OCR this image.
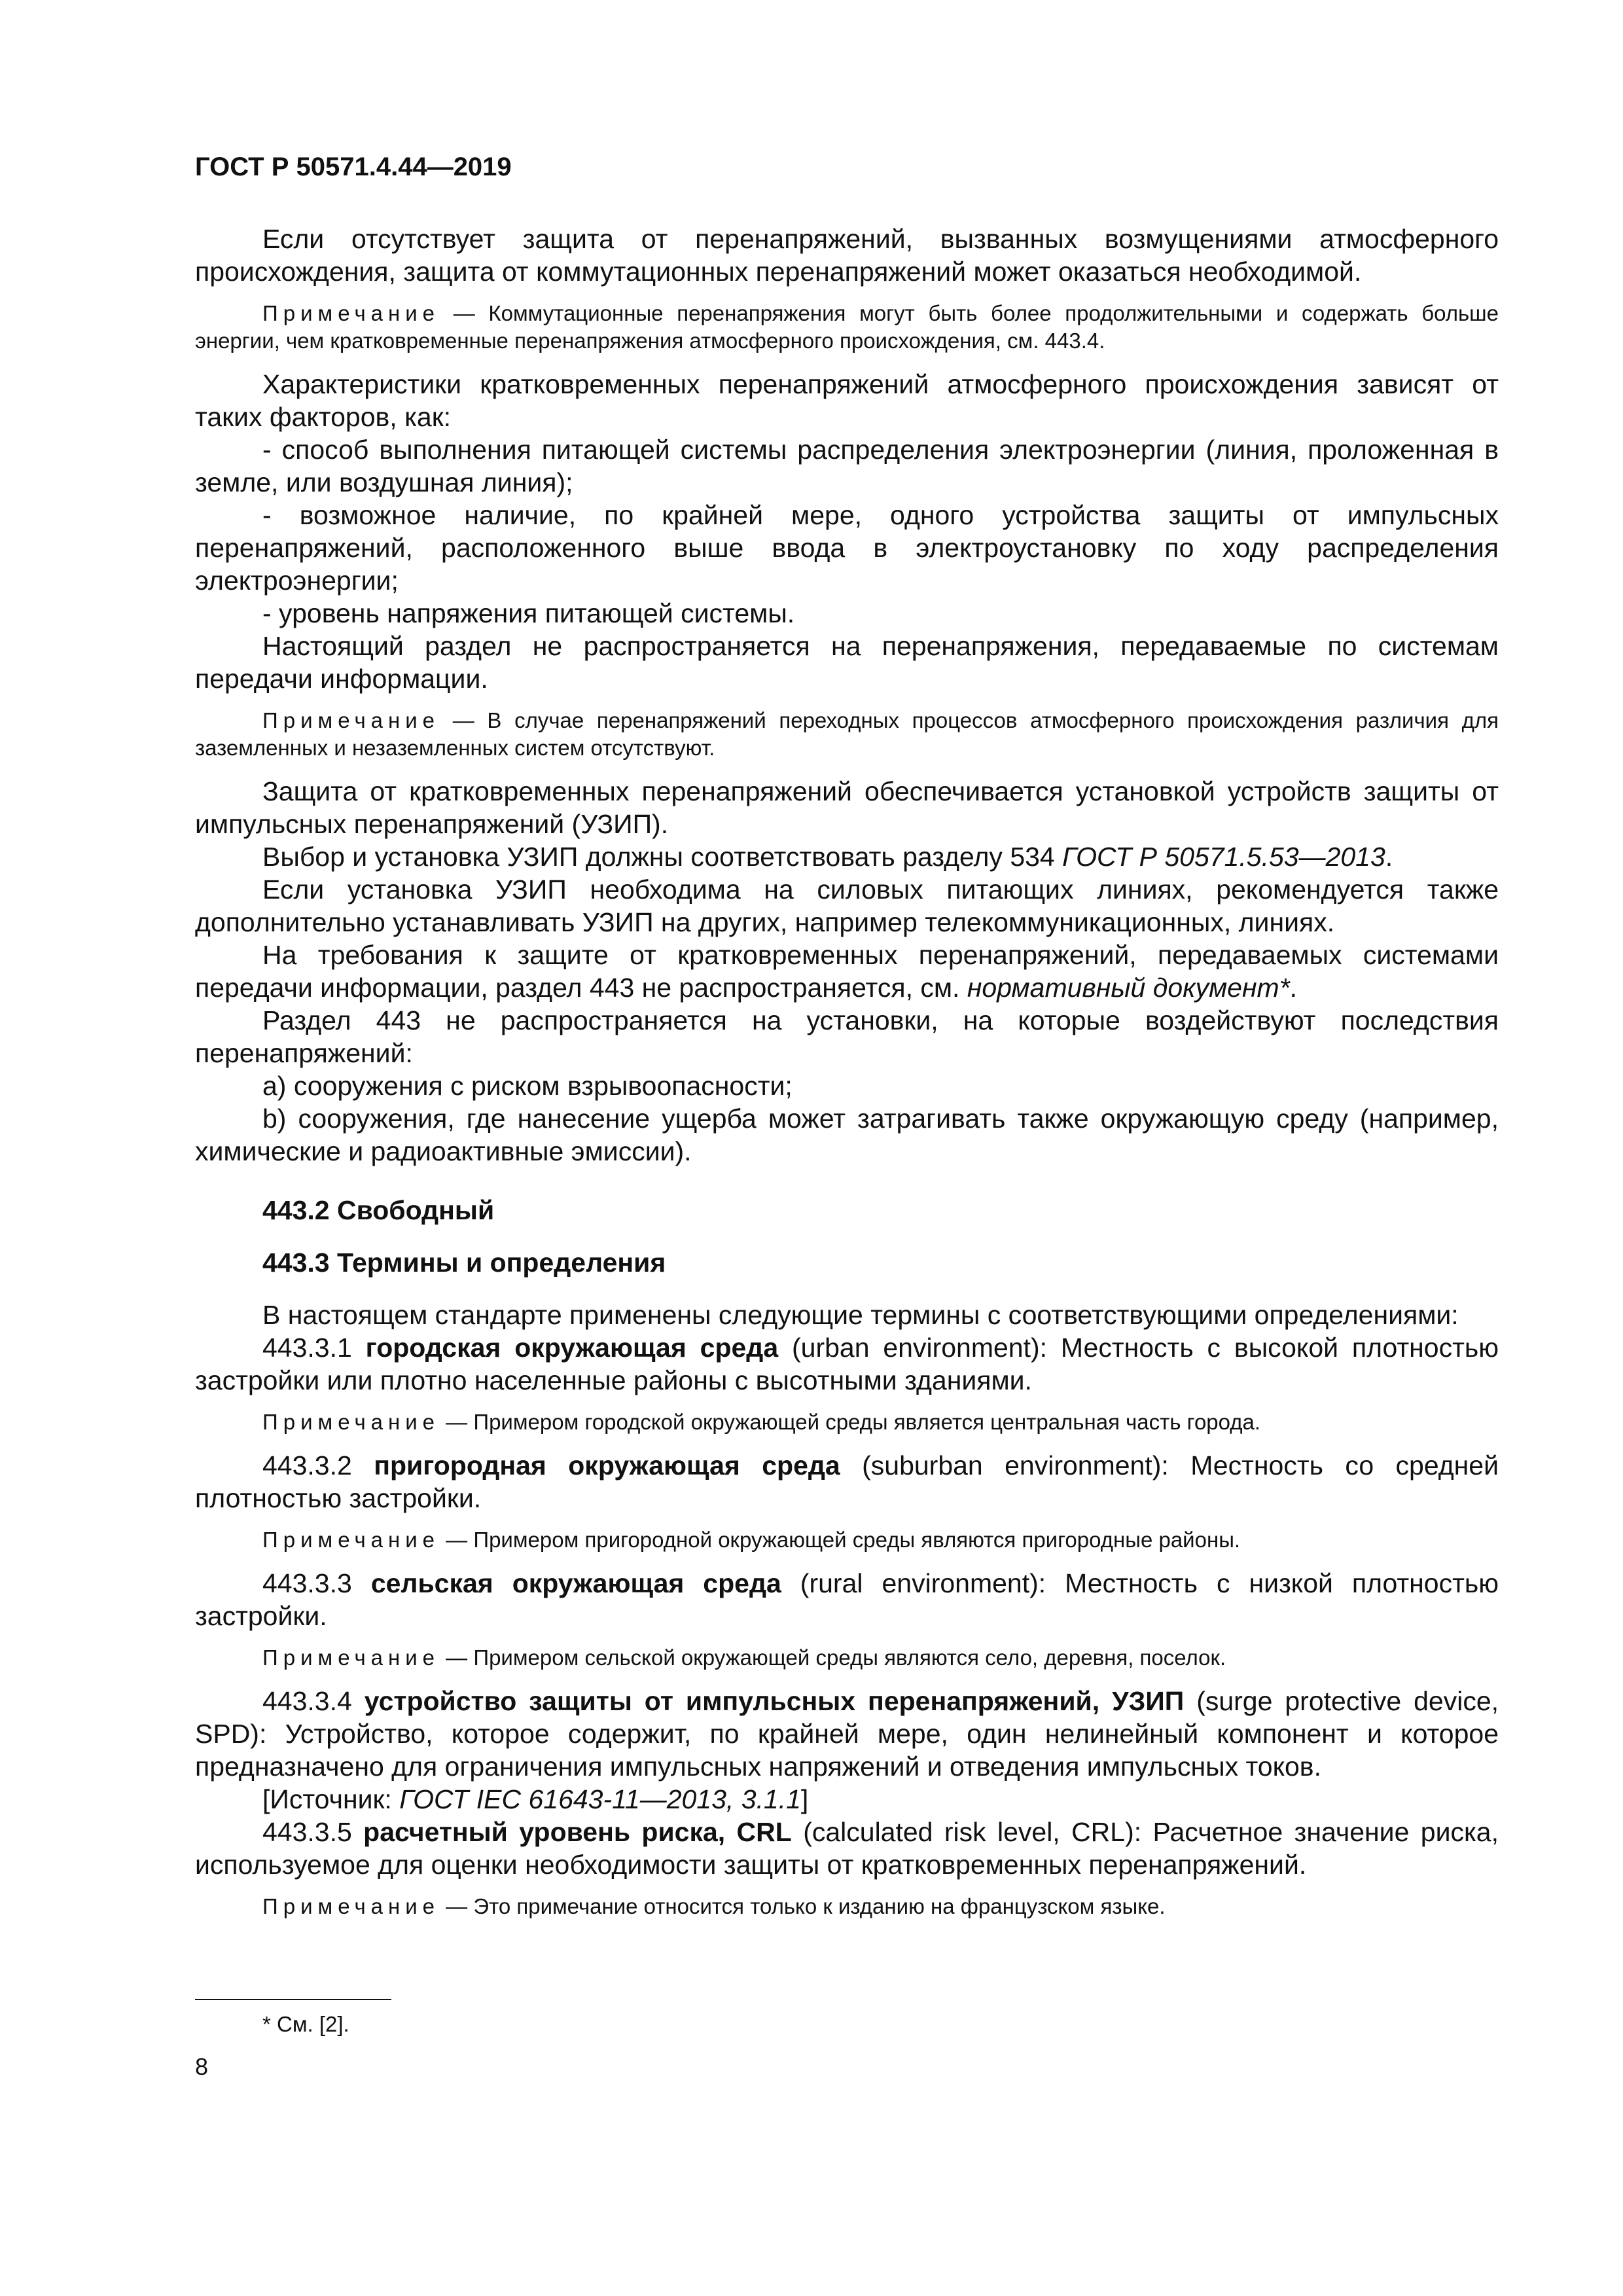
ГОСТ Р 50571.4.44—2019

Если отсутствует защита от перенапряжений, вызванных возмущениями атмосферного происхождения, защита от коммутационных перенапряжений может оказаться необходимой.

Примечание — Коммутационные перенапряжения могут быть более продолжительными и содержать больше энергии, чем кратковременные перенапряжения атмосферного происхождения, см. 443.4.

Характеристики кратковременных перенапряжений атмосферного происхождения зависят от таких факторов, как:

- способ выполнения питающей системы распределения электроэнергии (линия, проложенная в земле, или воздушная линия);

- возможное наличие, по крайней мере, одного устройства защиты от импульсных перенапряжений, расположенного выше ввода в электроустановку по ходу распределения электроэнергии;

- уровень напряжения питающей системы.

Настоящий раздел не распространяется на перенапряжения, передаваемые по системам передачи информации.

Примечание — В случае перенапряжений переходных процессов атмосферного происхождения различия для заземленных и незаземленных систем отсутствуют.

Защита от кратковременных перенапряжений обеспечивается установкой устройств защиты от импульсных перенапряжений (УЗИП).

Выбор и установка УЗИП должны соответствовать разделу 534 ГОСТ Р 50571.5.53—2013.

Если установка УЗИП необходима на силовых питающих линиях, рекомендуется также дополнительно устанавливать УЗИП на других, например телекоммуникационных, линиях.

На требования к защите от кратковременных перенапряжений, передаваемых системами передачи информации, раздел 443 не распространяется, см. нормативный документ*.

Раздел 443 не распространяется на установки, на которые воздействуют последствия перенапряжений:

a) сооружения с риском взрывоопасности;

b) сооружения, где нанесение ущерба может затрагивать также окружающую среду (например, химические и радиоактивные эмиссии).

443.2 Свободный

443.3 Термины и определения

В настоящем стандарте применены следующие термины с соответствующими определениями:

443.3.1 городская окружающая среда (urban environment): Местность с высокой плотностью застройки или плотно населенные районы с высотными зданиями.

Примечание — Примером городской окружающей среды является центральная часть города.

443.3.2 пригородная окружающая среда (suburban environment): Местность со средней плотностью застройки.

Примечание — Примером пригородной окружающей среды являются пригородные районы.

443.3.3 сельская окружающая среда (rural environment): Местность с низкой плотностью застройки.

Примечание — Примером сельской окружающей среды являются село, деревня, поселок.

443.3.4 устройство защиты от импульсных перенапряжений, УЗИП (surge protective device, SPD): Устройство, которое содержит, по крайней мере, один нелинейный компонент и которое предназначено для ограничения импульсных напряжений и отведения импульсных токов.

[Источник: ГОСТ IEC 61643-11—2013, 3.1.1]

443.3.5 расчетный уровень риска, CRL (calculated risk level, CRL): Расчетное значение риска, используемое для оценки необходимости защиты от кратковременных перенапряжений.

Примечание — Это примечание относится только к изданию на французском языке.

* См. [2].
8
